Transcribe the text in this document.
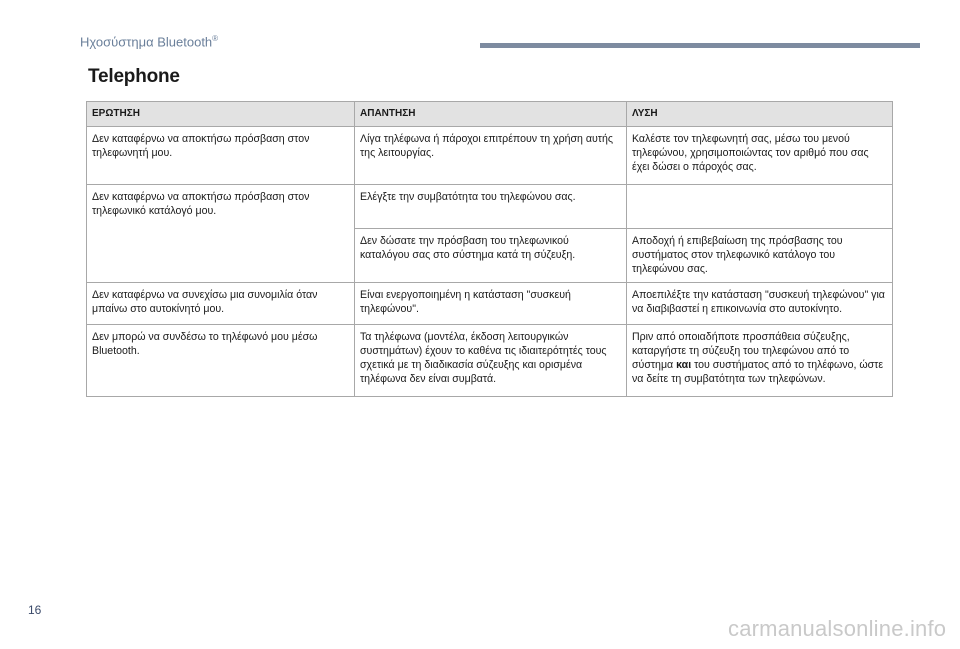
Ηχοσύστημα Bluetooth®
Telephone
ΕΡΩΤΗΣΗ	ΑΠΑΝΤΗΣΗ	ΛΥΣΗ
Δεν καταφέρνω να αποκτήσω πρόσβαση στον τηλεφωνητή μου.	Λίγα τηλέφωνα ή πάροχοι επιτρέπουν τη χρήση αυτής της λειτουργίας.	Καλέστε τον τηλεφωνητή σας, μέσω του μενού τηλεφώνου, χρησιμοποιώντας τον αριθμό που σας έχει δώσει ο πάροχός σας.
Δεν καταφέρνω να αποκτήσω πρόσβαση στον τηλεφωνικό κατάλογό μου.	Ελέγξτε την συμβατότητα του τηλεφώνου σας.	
	Δεν δώσατε την πρόσβαση του τηλεφωνικού καταλόγου σας στο σύστημα κατά τη σύζευξη.	Αποδοχή ή επιβεβαίωση της πρόσβασης του συστήματος στον τηλεφωνικό κατάλογο του τηλεφώνου σας.
Δεν καταφέρνω να συνεχίσω μια συνομιλία όταν μπαίνω στο αυτοκίνητό μου.	Είναι ενεργοποιημένη η κατάσταση "συσκευή τηλεφώνου".	Αποεπιλέξτε την κατάσταση "συσκευή τηλεφώνου" για να διαβιβαστεί η επικοινωνία στο αυτοκίνητο.
Δεν μπορώ να συνδέσω το τηλέφωνό μου μέσω Bluetooth.	Τα τηλέφωνα (μοντέλα, έκδοση λειτουργικών συστημάτων) έχουν το καθένα τις ιδιαιτερότητές τους σχετικά με τη διαδικασία σύζευξης και ορισμένα τηλέφωνα δεν είναι συμβατά.	Πριν από οποιαδήποτε προσπάθεια σύζευξης, καταργήστε τη σύζευξη του τηλεφώνου από το σύστημα και του συστήματος από το τηλέφωνο, ώστε να δείτε τη συμβατότητα των τηλεφώνων.
16
carmanualsonline.info
